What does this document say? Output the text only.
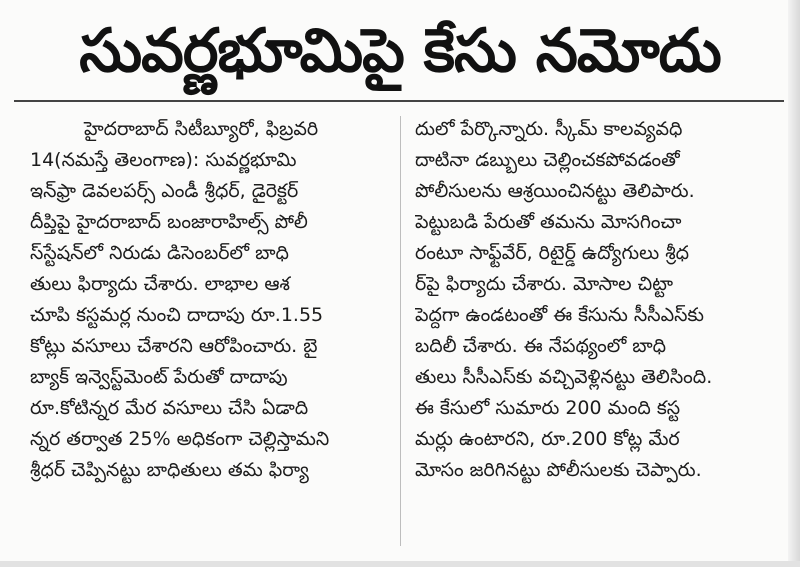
సువర్ణభూమిపై కేసు నమోదు
హైదరాబాద్ సిటీబ్యూరో, ఫిబ్రవరి
14(నమస్తే తెలంగాణ): సువర్ణభూమి
ఇన్‌ఫ్రా డెవలపర్స్ ఎండీ శ్రీధర్, డైరెక్టర్
దీప్తిపై హైదరాబాద్ బంజారాహిల్స్ పోలీ
స్‌స్టేషన్‌లో నిరుడు డిసెంబర్‌లో బాధి
తులు ఫిర్యాదు చేశారు. లాభాల ఆశ
చూపి కస్టమర్ల నుంచి దాదాపు రూ.1.55
కోట్లు వసూలు చేశారని ఆరోపించారు. బై
బ్యాక్ ఇన్వెస్ట్‌మెంట్ పేరుతో దాదాపు
రూ.కోటిన్నర మేర వసూలు చేసి ఏడాది
న్నర తర్వాత 25% అధికంగా చెల్లిస్తామని
శ్రీధర్ చెప్పినట్టు బాధితులు తమ ఫిర్యా
దులో పేర్కొన్నారు. స్కీమ్ కాలవ్యవధి
దాటినా డబ్బులు చెల్లించకపోవడంతో
పోలీసులను ఆశ్రయించినట్టు తెలిపారు.
పెట్టుబడి పేరుతో తమను మోసగించా
రంటూ సాఫ్ట్‌వేర్, రిటైర్డ్ ఉద్యోగులు శ్రీధ
ర్‌పై ఫిర్యాదు చేశారు. మోసాల చిట్టా
పెద్దగా ఉండటంతో ఈ కేసును సీసీఎస్‌కు
బదిలీ చేశారు. ఈ నేపథ్యంలో బాధి
తులు సీసీఎస్‌కు వచ్చివెళ్లినట్టు తెలిసింది.
ఈ కేసులో సుమారు 200 మంది కస్ట
మర్లు ఉంటారని, రూ.200 కోట్ల మేర
మోసం జరిగినట్టు పోలీసులకు చెప్పారు.
